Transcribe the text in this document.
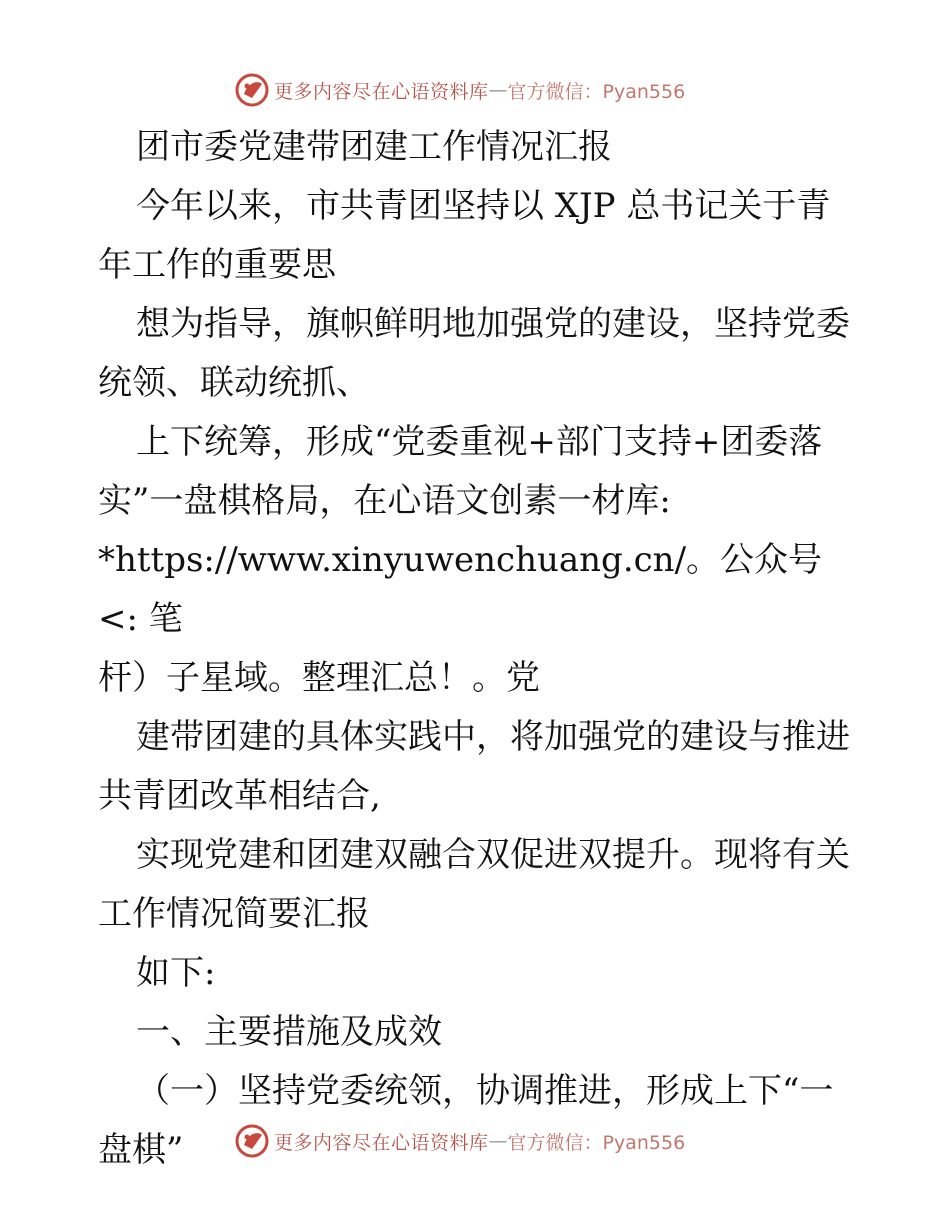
更多内容尽在心语资料库 — 官方微信：Pyan556

团市委党建带团建工作情况汇报

今年以来，市共青团坚持以 XJP 总书记关于青

年工作的重要思

想为指导，旗帜鲜明地加强党的建设，坚持党委

统领、联动统抓、

上下统筹，形成“党委重视+部门支持+团委落

实”一盘棋格局，在心语文创素一材库:

*https://www.xinyuwenchuang.cn/。公众号<: 笔

杆）子星域。整理汇总！。党

建带团建的具体实践中，将加强党的建设与推进

共青团改革相结合,

实现党建和团建双融合双促进双提升。现将有关

工作情况简要汇报

如下:

一、主要措施及成效

（一）坚持党委统领，协调推进，形成上下“一

盘棋”	更多内容尽在心语资料库 — 官方微信：Pyan556
